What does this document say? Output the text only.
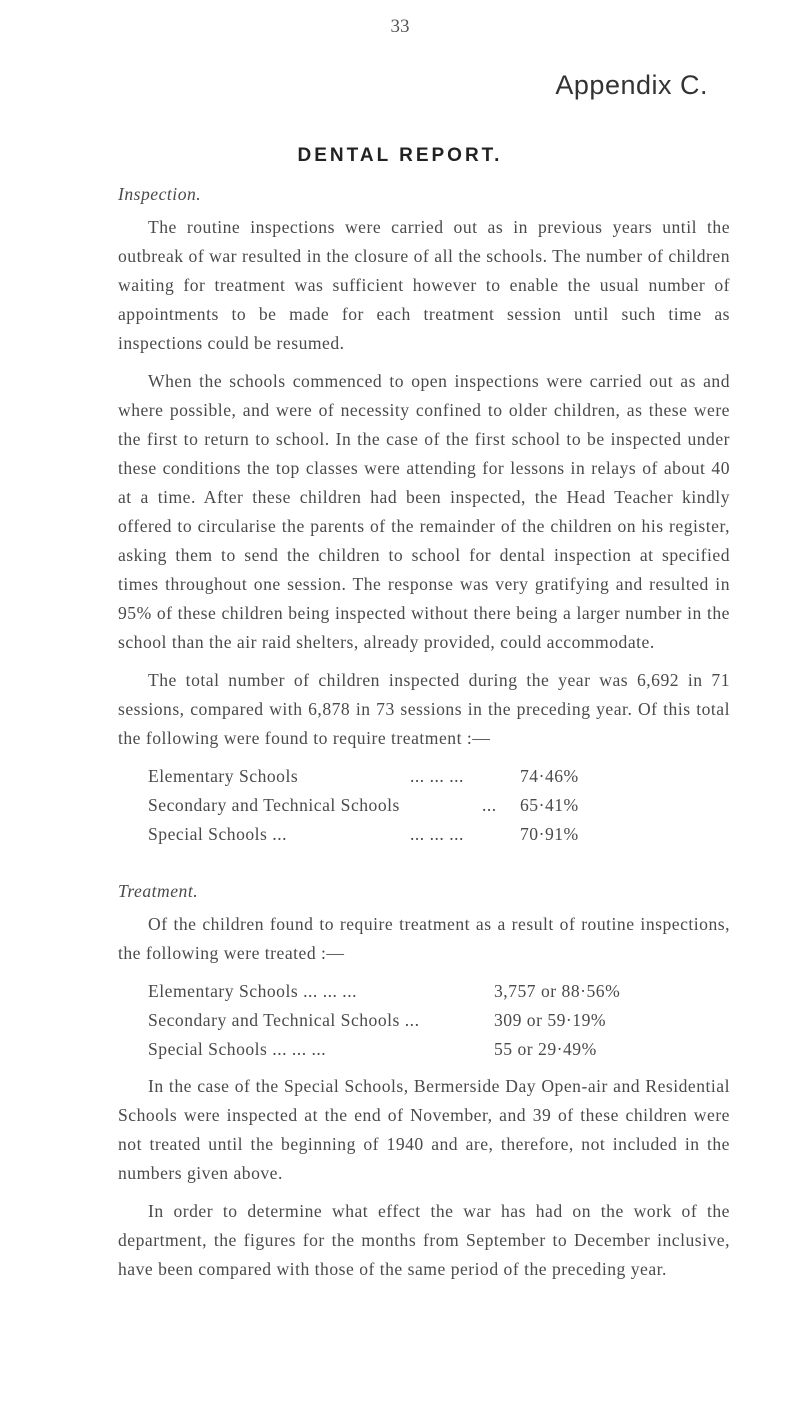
33
Appendix C.
DENTAL REPORT.
Inspection.

The routine inspections were carried out as in previous years until the outbreak of war resulted in the closure of all the schools. The number of children waiting for treatment was sufficient however to enable the usual number of appointments to be made for each treatment session until such time as inspections could be resumed.

When the schools commenced to open inspections were carried out as and where possible, and were of necessity confined to older children, as these were the first to return to school. In the case of the first school to be inspected under these conditions the top classes were attending for lessons in relays of about 40 at a time. After these children had been inspected, the Head Teacher kindly offered to circularise the parents of the remainder of the children on his register, asking them to send the children to school for dental inspection at specified times throughout one session. The response was very gratifying and resulted in 95% of these children being inspected without there being a larger number in the school than the air raid shelters, already provided, could accommodate.

The total number of children inspected during the year was 6,692 in 71 sessions, compared with 6,878 in 73 sessions in the preceding year. Of this total the following were found to require treatment :—

Elementary Schools	... ... ...	74·46%
Secondary and Technical Schools	...	65·41%
Special Schools ...	... ... ...	70·91%
Treatment.

Of the children found to require treatment as a result of routine inspections, the following were treated :—

Elementary Schools ... ... ...	3,757 or 88·56%
Secondary and Technical Schools ...	309 or 59·19%
Special Schools ... ... ...	55 or 29·49%

In the case of the Special Schools, Bermerside Day Open-air and Residential Schools were inspected at the end of November, and 39 of these children were not treated until the beginning of 1940 and are, therefore, not included in the numbers given above.

In order to determine what effect the war has had on the work of the department, the figures for the months from September to December inclusive, have been compared with those of the same period of the preceding year.
